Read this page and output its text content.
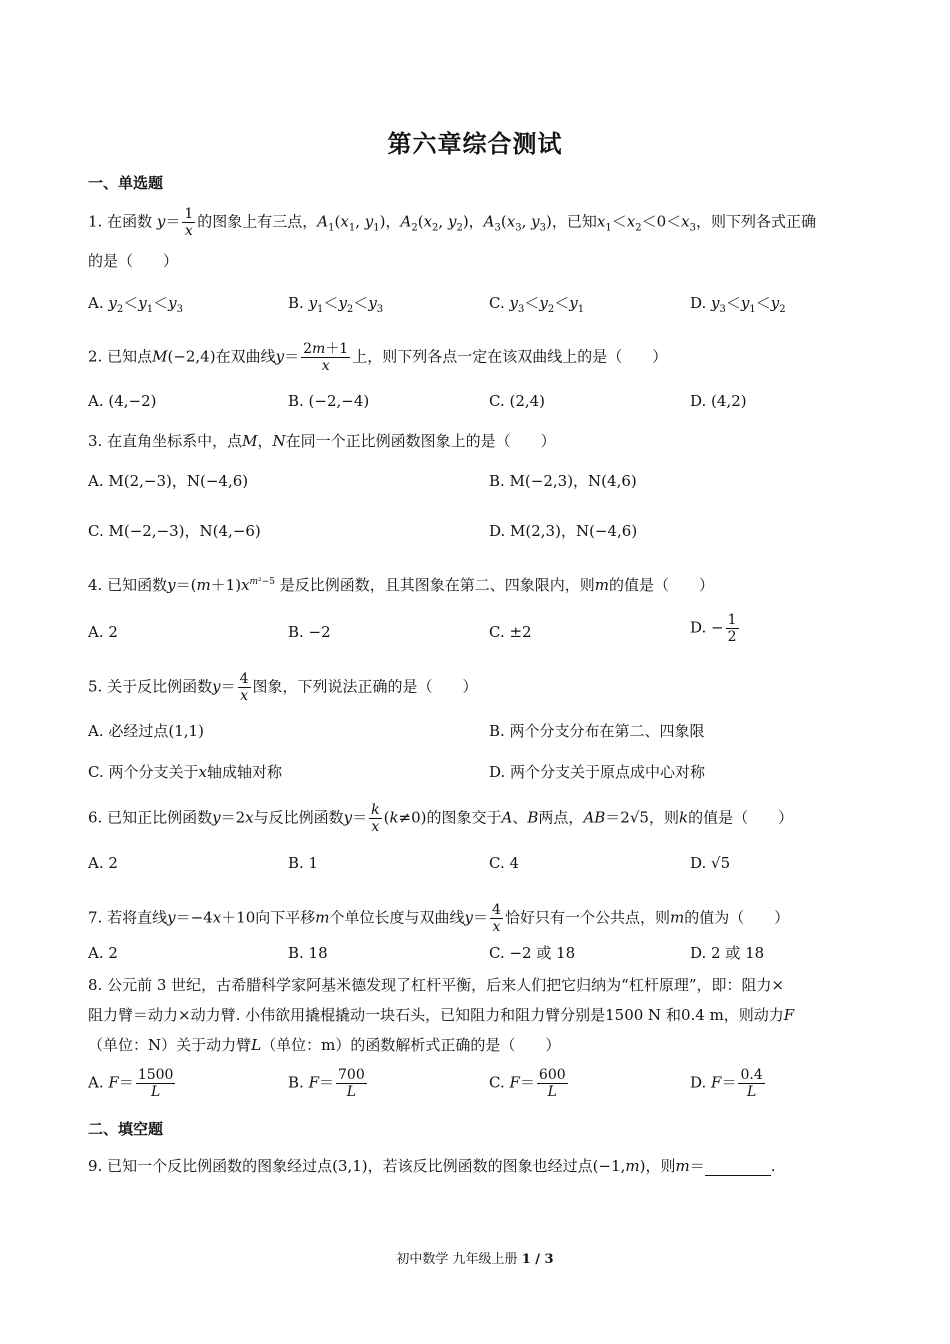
第六章综合测试
一、单选题
1. 在函数 $y= \frac{1}{x}$ 的图象上有三点，$A_1(x_1$, $y_1$)，$A_2(x_2$, $y_2$)，$A_3(x_3$, $y_3$)，已知$x_1<x_2<0<x_3$，则下列各式正确
的是（　　）
A. $y_2<y_1<y_3$	B. $y_1<y_2<y_3$	C. $y_3<y_2<y_1$	D. $y_3<y_1<y_2$
2. 已知点M(−2,4)在双曲线$y= \frac{2m+1}{x}$ 上，则下列各点一定在该双曲线上的是（　　）
A. (4,−2)	B. (−2,−4)	C. (2,4)	D. (4,2)
3. 在直角坐标系中，点M，N在同一个正比例函数图象上的是（　　）
A. M(2,−3)，N(−4,6)	B. M(−2,3)，N(4,6)
C. M(−2,−3)，N(4,−6)	D. M(2,3)，N(−4,6)
4. 已知函数$y=(m+1)x^{m^2-5}$ 是反比例函数，且其图象在第二、四象限内，则m的值是（　　）
A. 2	B. −2	C. ±2	D. − $\frac{1}{2}$
5. 关于反比例函数$y= \frac{4}{x}$ 图象，下列说法正确的是（　　）
A. 必经过点(1,1)	B. 两个分支分布在第二、四象限
C. 两个分支关于x轴成轴对称	D. 两个分支关于原点成中心对称
6. 已知正比例函数y＝2x与反比例函数$y= \frac{k}{x} (k\ne 0)$的图象交于A、B两点，AB＝2√5，则k的值是（　　）
A. 2	B. 1	C. 4	D. √5
7. 若将直线y＝−4x＋10向下平移m个单位长度与双曲线$y= \frac{4}{x}$ 恰好只有一个公共点，则m的值为（　　）
A. 2	B. 18	C. −2 或 18	D. 2 或 18
8. 公元前 3 世纪，古希腊科学家阿基米德发现了杠杆平衡，后来人们把它归纳为“杠杆原理”，即：阻力×
阻力臂＝动力×动力臂. 小伟欲用撬棍撬动一块石头，已知阻力和阻力臂分别是1500 N 和0.4 m，则动力F
（单位：N）关于动力臂L（单位：m）的函数解析式正确的是（　　）
A. $F= \frac{1500}{L}$	B. $F= \frac{700}{L}$	C. $F= \frac{600}{L}$	D. $F= \frac{0.4}{L}$
二、填空题
9. 已知一个反比例函数的图象经过点(3,1)，若该反比例函数的图象也经过点(−1,m)，则m＝	.
初中数学 九年级上册 1 / 3
